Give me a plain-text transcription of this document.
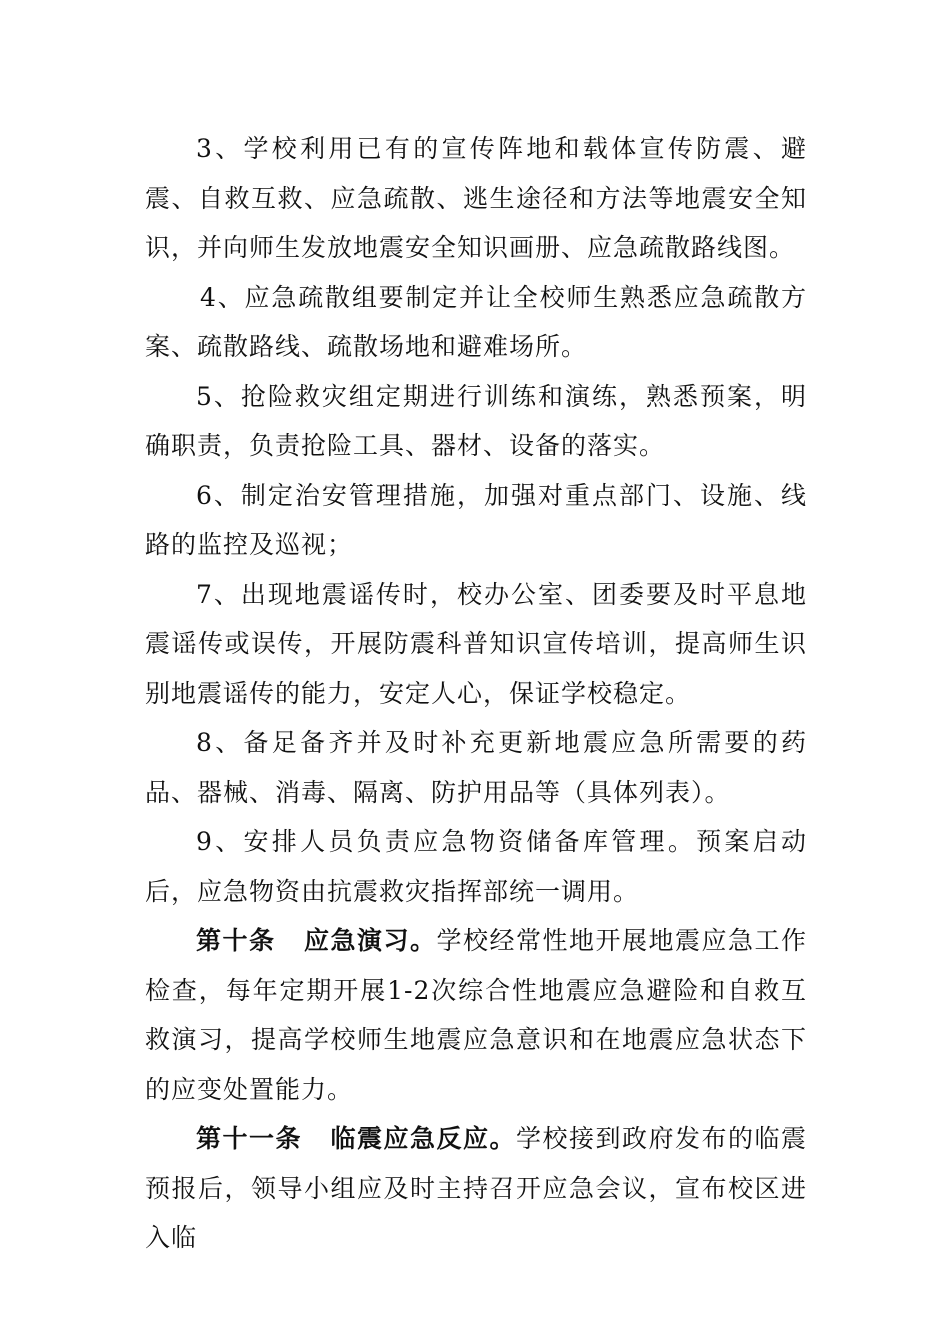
3、学校利用已有的宣传阵地和载体宣传防震、避震、自救互救、应急疏散、逃生途径和方法等地震安全知识，并向师生发放地震安全知识画册、应急疏散路线图。

4、应急疏散组要制定并让全校师生熟悉应急疏散方案、疏散路线、疏散场地和避难场所。

5、抢险救灾组定期进行训练和演练，熟悉预案，明确职责，负责抢险工具、器材、设备的落实。

6、制定治安管理措施，加强对重点部门、设施、线路的监控及巡视；

7、出现地震谣传时，校办公室、团委要及时平息地震谣传或误传，开展防震科普知识宣传培训，提高师生识别地震谣传的能力，安定人心，保证学校稳定。

8、备足备齐并及时补充更新地震应急所需要的药品、器械、消毒、隔离、防护用品等（具体列表）。

9、安排人员负责应急物资储备库管理。预案启动后，应急物资由抗震救灾指挥部统一调用。

第十条 应急演习。学校经常性地开展地震应急工作检查，每年定期开展1-2次综合性地震应急避险和自救互救演习，提高学校师生地震应急意识和在地震应急状态下的应变处置能力。

第十一条 临震应急反应。学校接到政府发布的临震预报后，领导小组应及时主持召开应急会议，宣布校区进入临
